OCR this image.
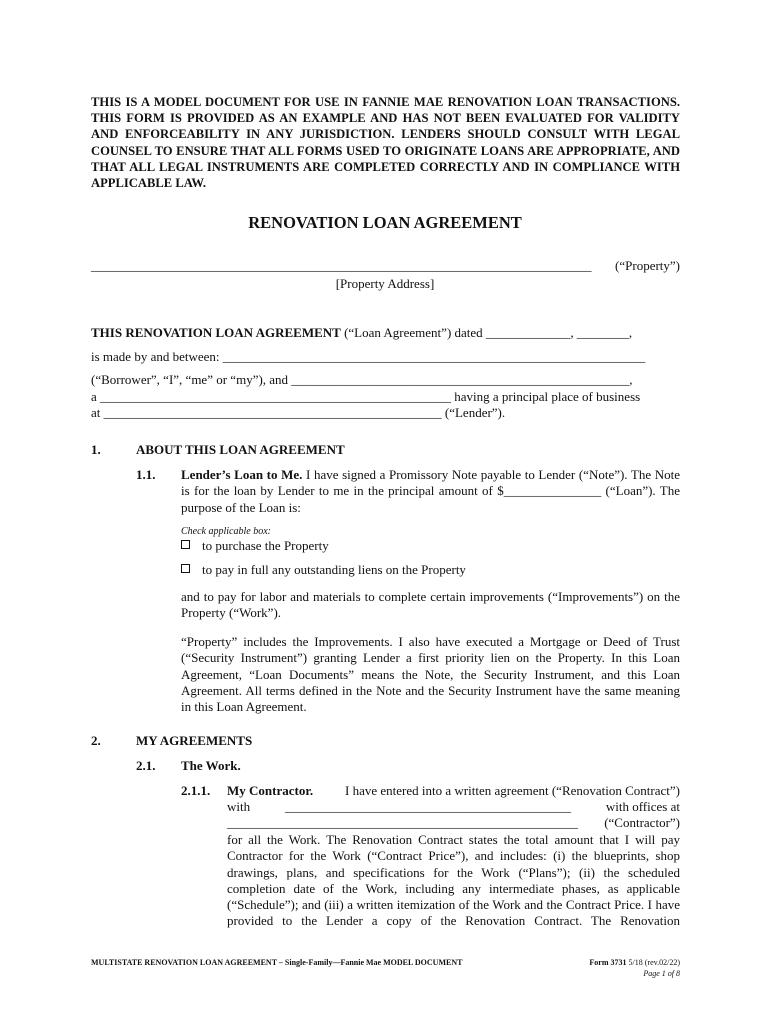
THIS IS A MODEL DOCUMENT FOR USE IN FANNIE MAE RENOVATION LOAN TRANSACTIONS. THIS FORM IS PROVIDED AS AN EXAMPLE AND HAS NOT BEEN EVALUATED FOR VALIDITY AND ENFORCEABILITY IN ANY JURISDICTION. LENDERS SHOULD CONSULT WITH LEGAL COUNSEL TO ENSURE THAT ALL FORMS USED TO ORIGINATE LOANS ARE APPROPRIATE, AND THAT ALL LEGAL INSTRUMENTS ARE COMPLETED CORRECTLY AND IN COMPLIANCE WITH APPLICABLE LAW.
RENOVATION LOAN AGREEMENT
_____________________________________________________________________________ (“Property”)
[Property Address]
THIS RENOVATION LOAN AGREEMENT (“Loan Agreement”) dated _____________, ________,
is made by and between: _________________________________________________________________
(“Borrower”, “I”, “me” or “my”), and ____________________________________________________,
a ______________________________________________________ having a principal place of business
at ____________________________________________________ (“Lender”).
1.	ABOUT THIS LOAN AGREEMENT
1.1. Lender’s Loan to Me. I have signed a Promissory Note payable to Lender (“Note”). The Note is for the loan by Lender to me in the principal amount of $_______________ (“Loan”). The purpose of the Loan is:
Check applicable box:
to purchase the Property
to pay in full any outstanding liens on the Property
and to pay for labor and materials to complete certain improvements (“Improvements”) on the Property (“Work”).
“Property” includes the Improvements. I also have executed a Mortgage or Deed of Trust (“Security Instrument”) granting Lender a first priority lien on the Property. In this Loan Agreement, “Loan Documents” means the Note, the Security Instrument, and this Loan Agreement. All terms defined in the Note and the Security Instrument have the same meaning in this Loan Agreement.
2.	MY AGREEMENTS
2.1. The Work.
2.1.1. My Contractor. I have entered into a written agreement (“Renovation Contract”)
with	____________________________________________	with offices at
______________________________________________________ (“Contractor”)
for all the Work. The Renovation Contract states the total amount that I will pay Contractor for the Work (“Contract Price”), and includes: (i) the blueprints, shop drawings, plans, and specifications for the Work (“Plans”); (ii) the scheduled completion date of the Work, including any intermediate phases, as applicable (“Schedule”); and (iii) a written itemization of the Work and the Contract Price. I have provided to the Lender a copy of the Renovation Contract. The Renovation
MULTISTATE RENOVATION LOAN AGREEMENT – Single-Family—Fannie Mae MODEL DOCUMENT	Form 3731 5/18 (rev.02/22)
Page 1 of 8
